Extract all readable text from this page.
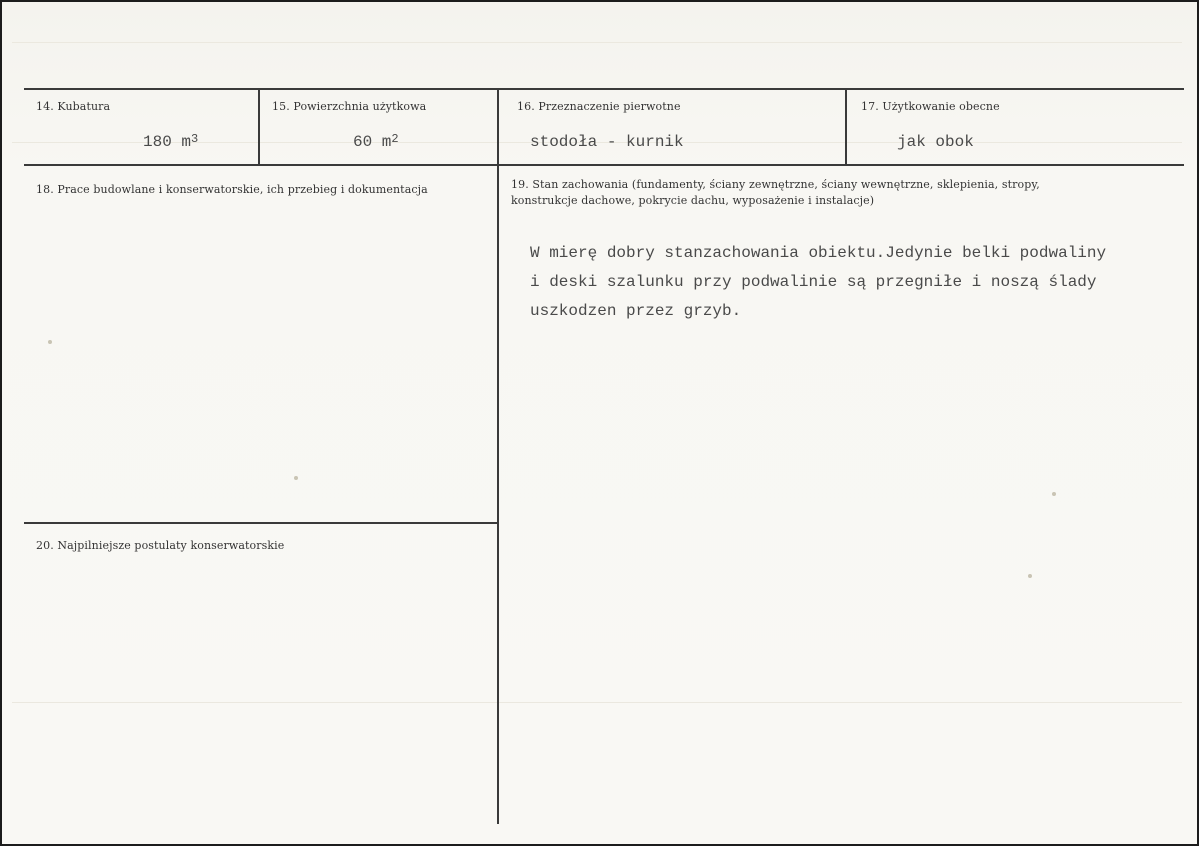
14. Kubatura
180 $m^3$
15. Powierzchnia użytkowa
60 $m^2$
16. Przeznaczenie pierwotne
stodoła - kurnik
17. Użytkowanie obecne
jak obok
18. Prace budowlane i konserwatorskie, ich przebieg i dokumentacja	19. Stan zachowania (fundamenty, ściany zewnętrzne, ściany wewnętrzne, sklepienia, stropy,
konstrukcje dachowe, pokrycie dachu, wyposażenie i instalacje)
W mierę dobry stanzachowania obiektu.Jedynie belki podwaliny
i deski szalunku przy podwalinie są przegniłe i noszą ślady
uszkodzen przez grzyb.
20. Najpilniejsze postulaty konserwatorskie
